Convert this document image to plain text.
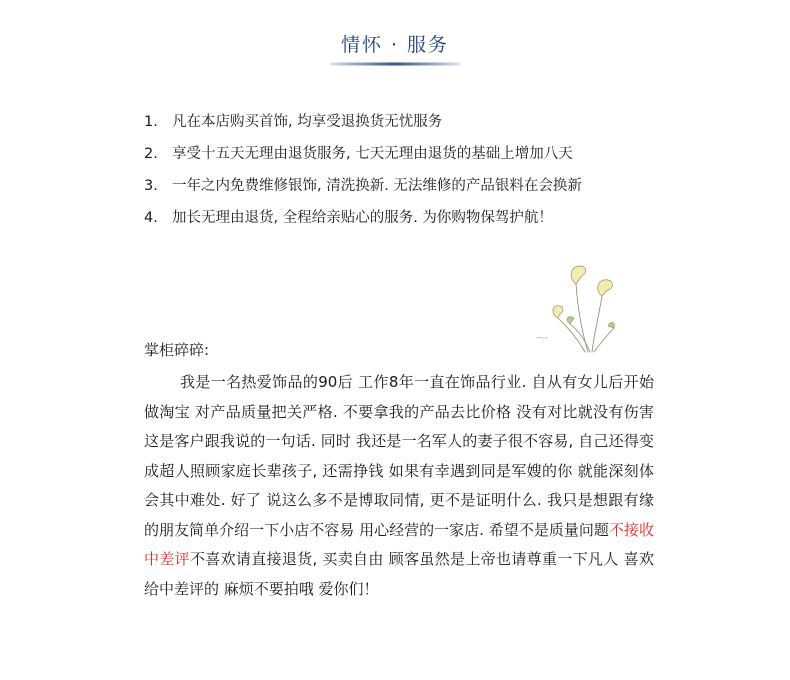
情怀 · 服务
1. 凡在本店购买首饰, 均享受退换货无忧服务
2. 享受十五天无理由退货服务, 七天无理由退货的基础上增加八天
3. 一年之内免费维修银饰, 清洗换新. 无法维修的产品银料在会换新
4. 加长无理由退货, 全程给亲贴心的服务. 为你购物保驾护航！

掌柜碎碎:

我是一名热爱饰品的90后 工作8年一直在饰品行业. 自从有女儿后开始做淘宝 对产品质量把关严格. 不要拿我的产品去比价格 没有对比就没有伤害 这是客户跟我说的一句话. 同时 我还是一名军人的妻子很不容易, 自己还得变成超人照顾家庭长辈孩子, 还需挣钱 如果有幸遇到同是军嫂的你 就能深刻体会其中难处. 好了 说这么多不是博取同情, 更不是证明什么. 我只是想跟有缘的朋友简单介绍一下小店不容易 用心经营的一家店. 希望不是质量问题不接收中差评不喜欢请直接退货, 买卖自由 顾客虽然是上帝也请尊重一下凡人 喜欢给中差评的 麻烦不要拍哦 爱你们！
